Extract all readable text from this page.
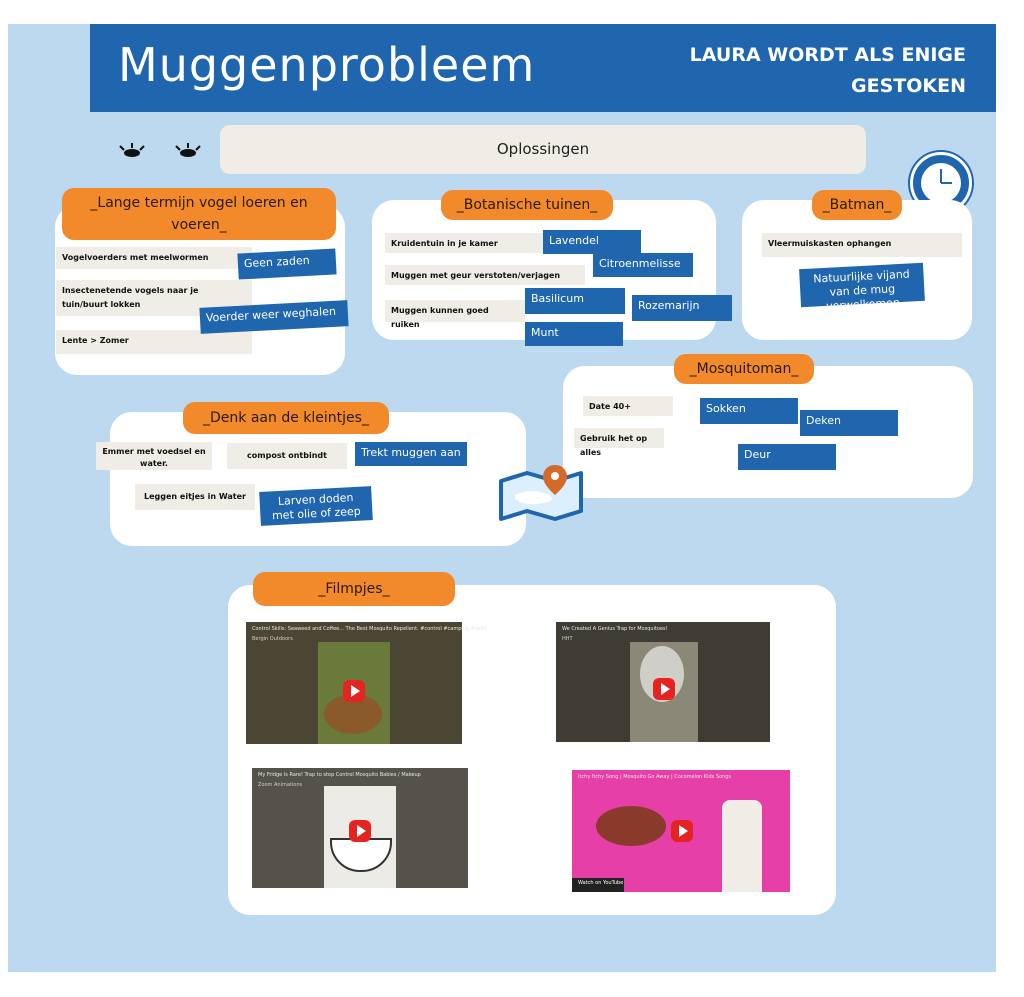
Muggenprobleem	LAURA WORDT ALS ENIGE
GESTOKEN

Oplossingen
_Lange termijn vogel loeren en voeren_
Vogelvoerders met meelwormen
Insectenetende vogels naar je tuin/buurt lokken
Lente > Zomer
Geen zaden
Voerder weer weghalen
_Botanische tuinen_
Kruidentuin in je kamer
Muggen met geur verstoten/verjagen
Muggen kunnen goed ruiken
Lavendel
Citroenmelisse
Basilicum
Rozemarijn
Munt
_Batman_
Vleermuiskasten ophangen
Natuurlijke vijand van de mug verwelkomen
_Mosquitoman_
Date 40+
Gebruik het op alles
Sokken
Deken
Deur
_Denk aan de kleintjes_
Emmer met voedsel en water.
compost ontbindt
Leggen eitjes in Water
Trekt muggen aan
Larven doden met olie of zeep
_Filmpjes_
Control Skills: Seaweed and Coffee... The Best Mosquito Repellent. #control #camping #skills
Bergin Outdoors
We Created A Genius Trap for Mosquitoes!
HHT
My Fridge Is Rare! Trap to stop Control Mosquito Babies / Makeup
Zoom Animations
Itchy Itchy Song | Mosquito Go Away | Cocomelon Kids Songs
Watch on YouTube
